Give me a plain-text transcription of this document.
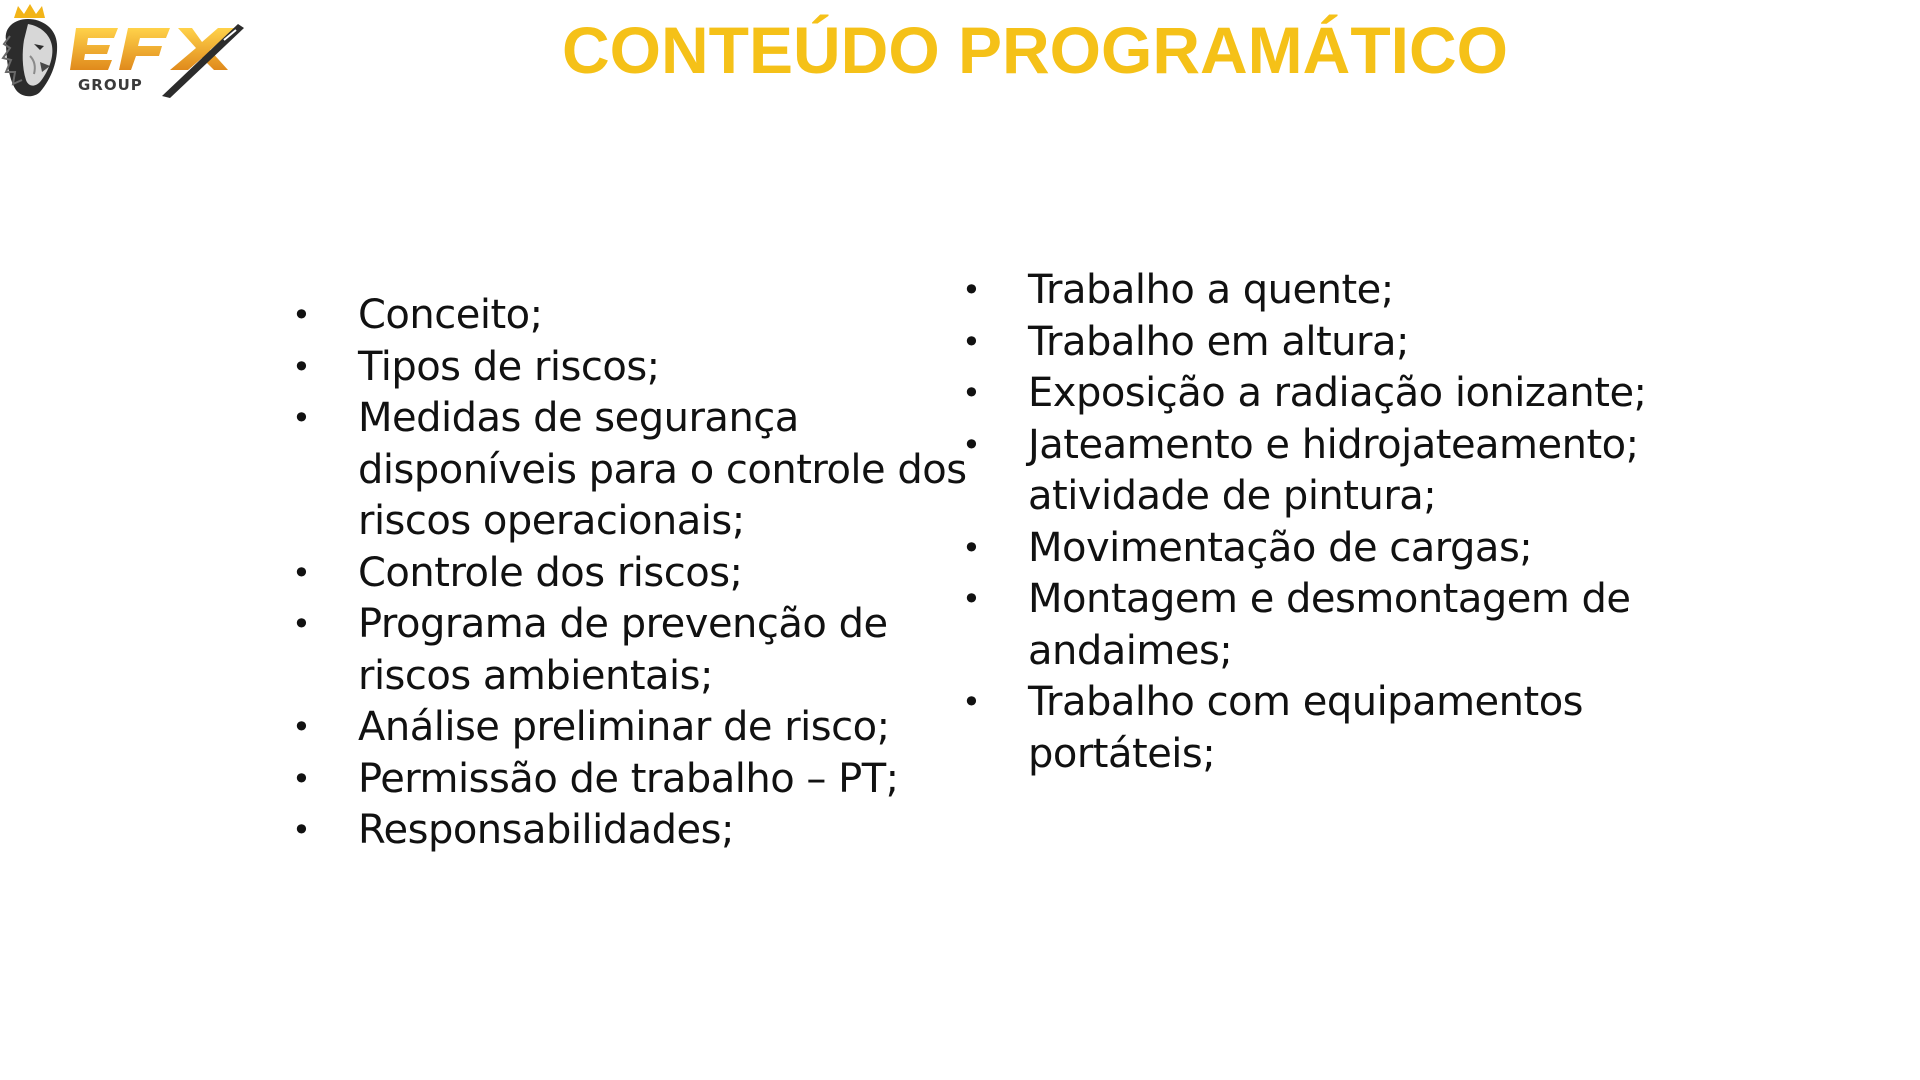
GROUP	CONTEÚDO PROGRAMÁTICO
• Conceito;
• Tipos de riscos;
• Medidas de segurança disponíveis para o controle dos riscos operacionais;
• Controle dos riscos;
• Programa de prevenção de riscos ambientais;
• Análise preliminar de risco;
• Permissão de trabalho – PT;
• Responsabilidades;
• Trabalho a quente;
• Trabalho em altura;
• Exposição a radiação ionizante;
• Jateamento e hidrojateamento; atividade de pintura;
• Movimentação de cargas;
• Montagem e desmontagem de andaimes;
• Trabalho com equipamentos portáteis;
